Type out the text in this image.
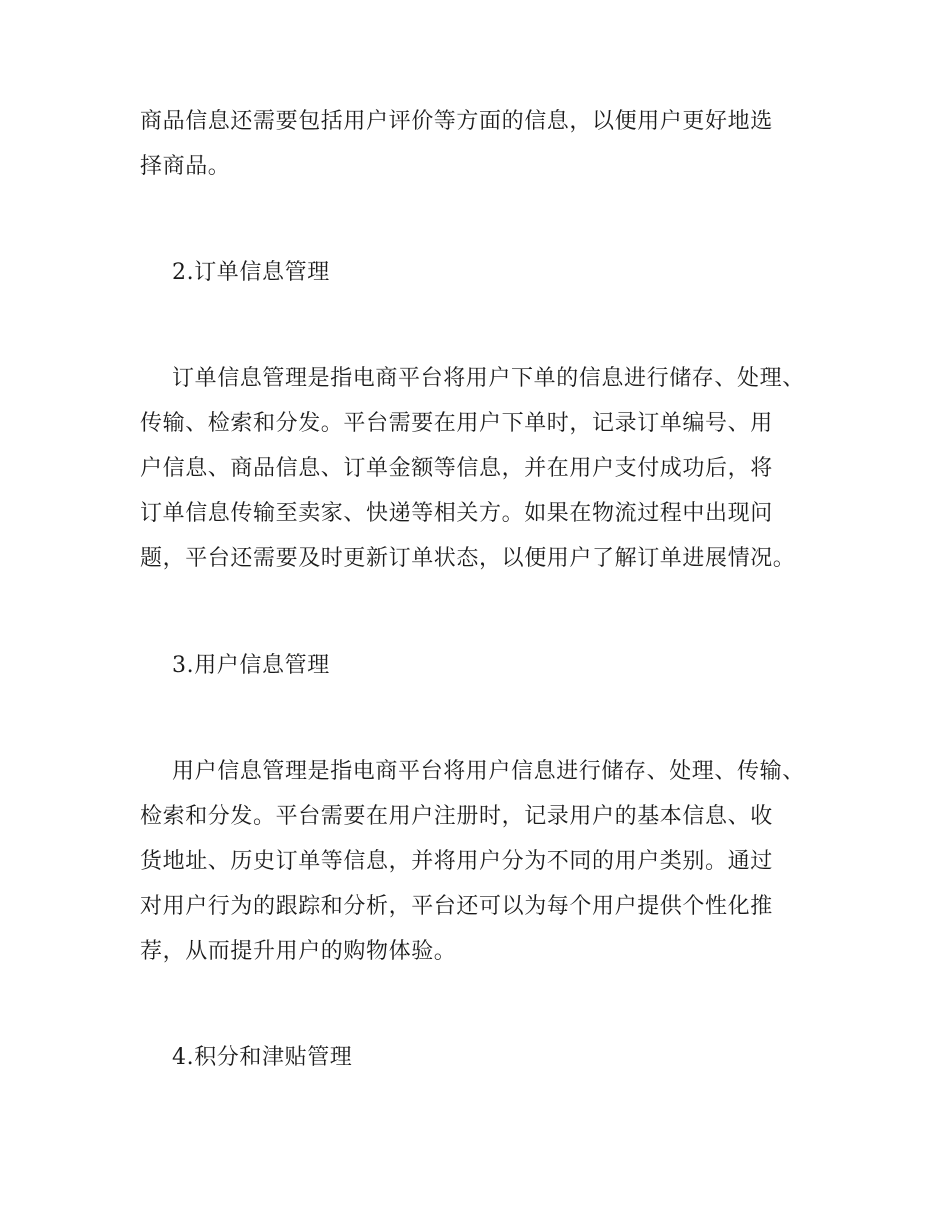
商品信息还需要包括用户评价等方面的信息，以便用户更好地选
择商品。
2.订单信息管理
订单信息管理是指电商平台将用户下单的信息进行储存、处理、
传输、检索和分发。平台需要在用户下单时，记录订单编号、用
户信息、商品信息、订单金额等信息，并在用户支付成功后，将
订单信息传输至卖家、快递等相关方。如果在物流过程中出现问
题，平台还需要及时更新订单状态，以便用户了解订单进展情况。
3.用户信息管理
用户信息管理是指电商平台将用户信息进行储存、处理、传输、
检索和分发。平台需要在用户注册时，记录用户的基本信息、收
货地址、历史订单等信息，并将用户分为不同的用户类别。通过
对用户行为的跟踪和分析，平台还可以为每个用户提供个性化推
荐，从而提升用户的购物体验。
4.积分和津贴管理
